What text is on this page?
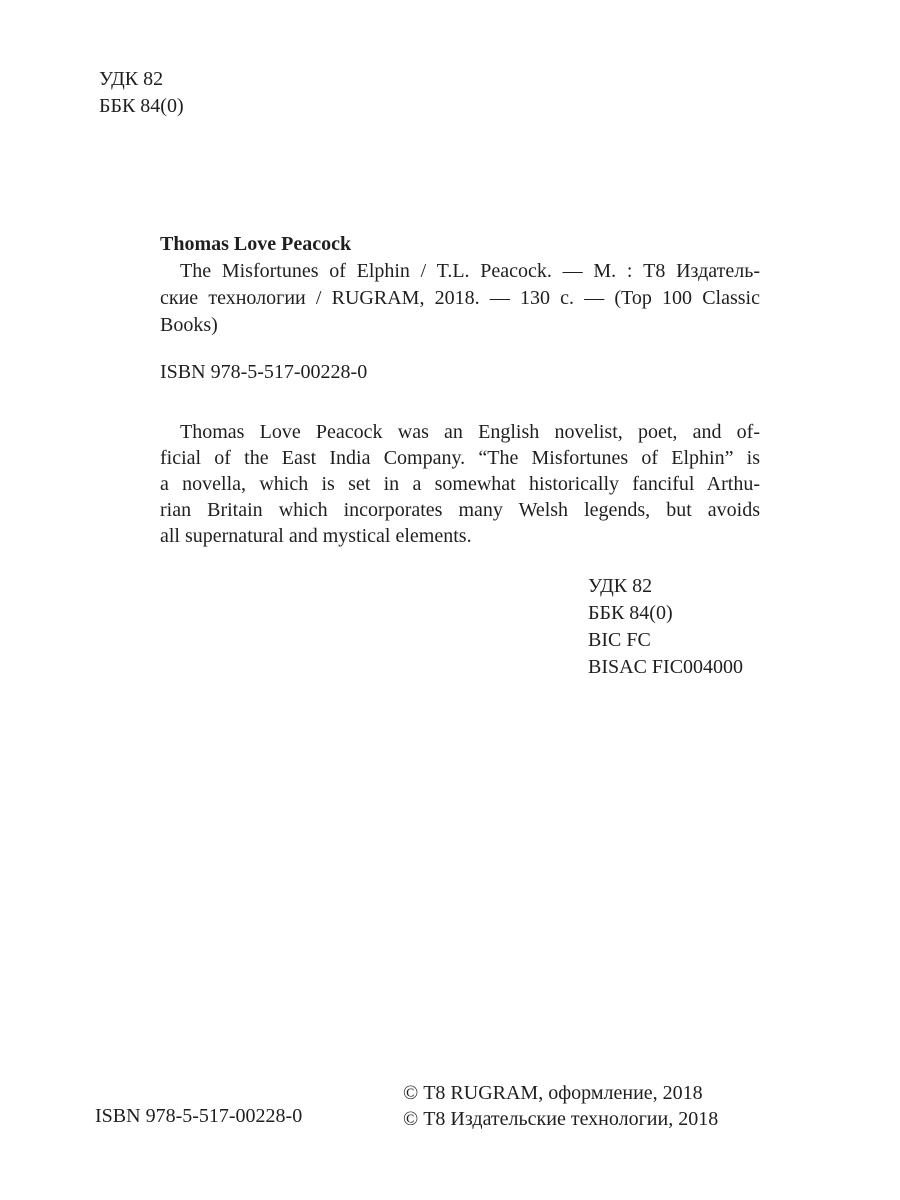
УДК 82
ББК 84(0)
Thomas Love Peacock
The Misfortunes of Elphin / T.L. Peacock. — М. : Т8 Издатель-
ские технологии / RUGRAM, 2018. — 130 с. — (Top 100 Classic
Books)
ISBN 978-5-517-00228-0
Thomas Love Peacock was an English novelist, poet, and of-
ficial of the East India Company. “The Misfortunes of Elphin” is
a novella, which is set in a somewhat historically fanciful Arthu-
rian Britain which incorporates many Welsh legends, but avoids
all supernatural and mystical elements.
УДК 82
ББК 84(0)
BIC FC
BISAC FIC004000
ISBN 978-5-517-00228-0
© Т8 RUGRAM, оформление, 2018
© Т8 Издательские технологии, 2018
